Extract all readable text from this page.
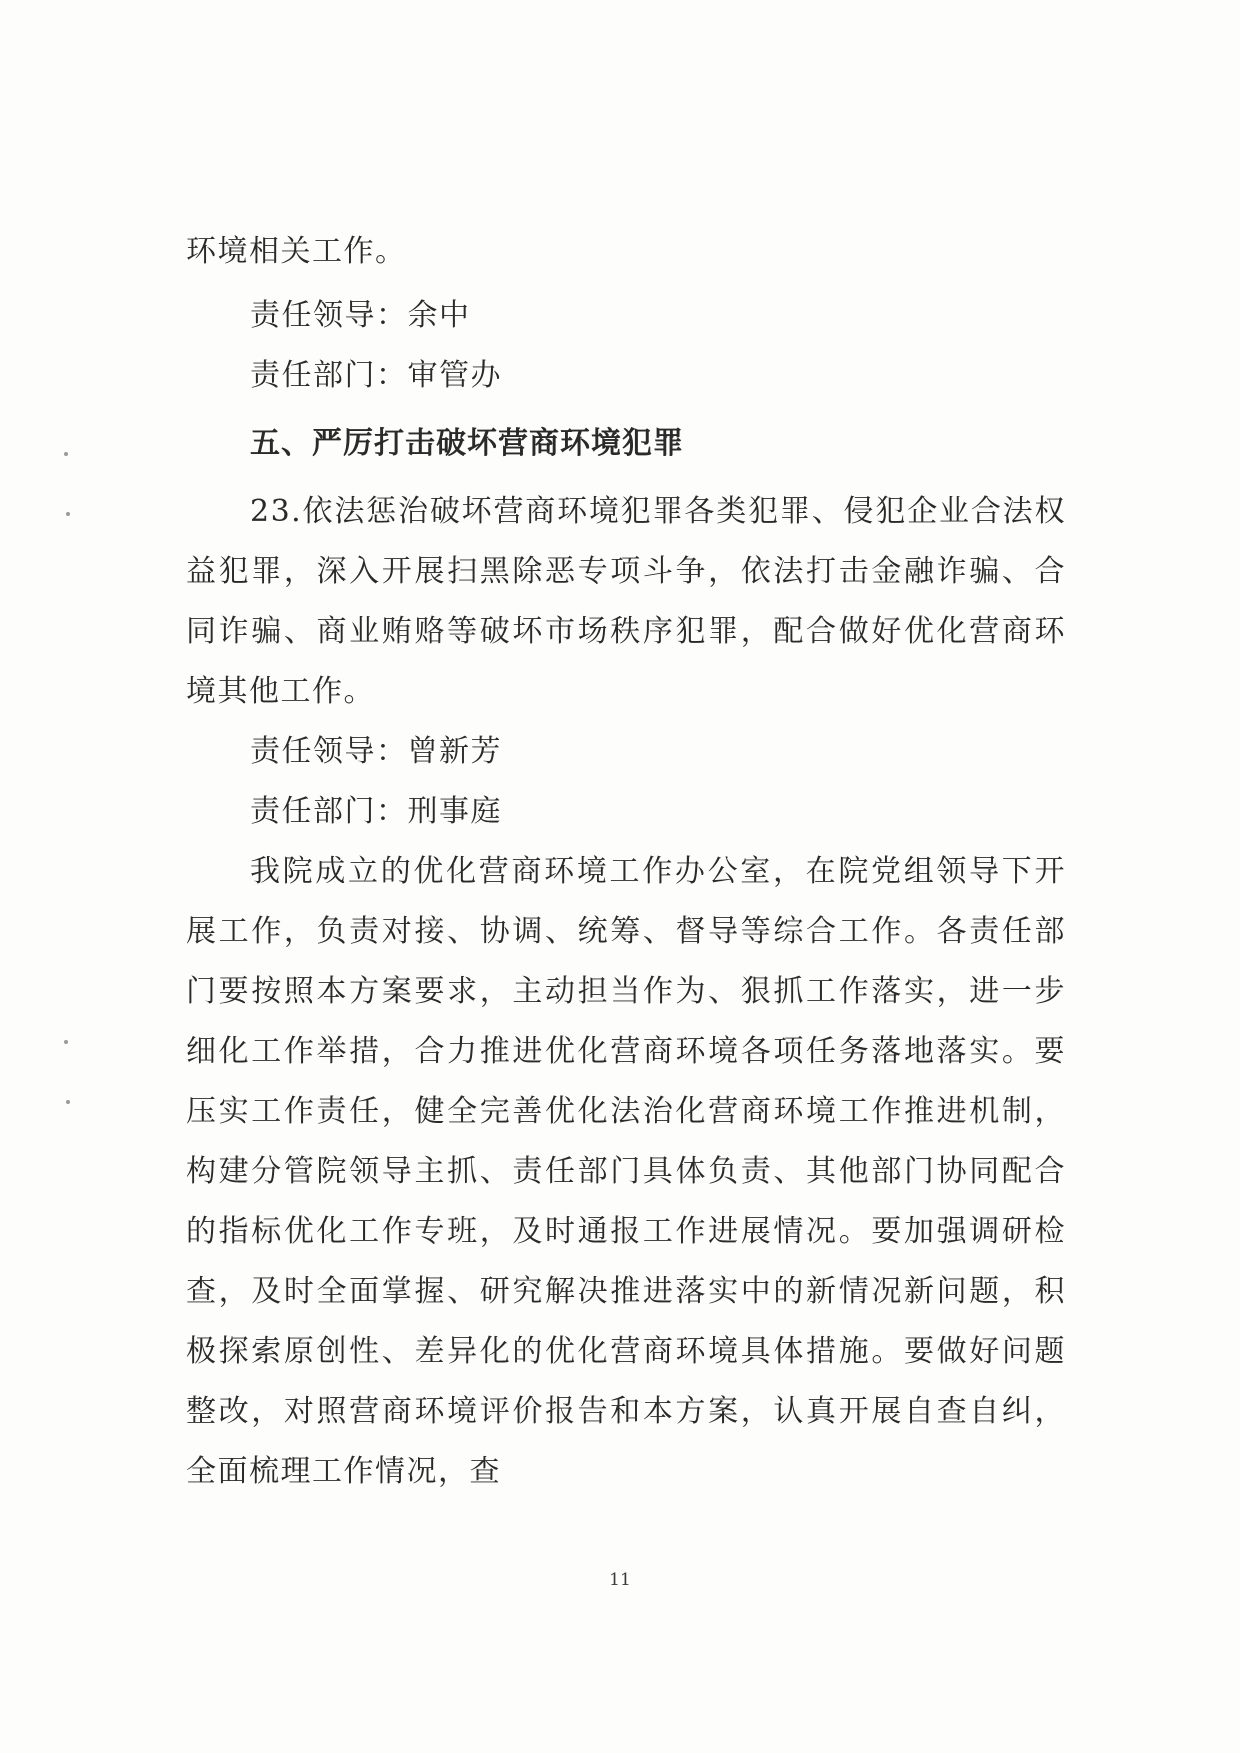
环境相关工作。

责任领导：余中

责任部门：审管办

五、严厉打击破坏营商环境犯罪

23.依法惩治破坏营商环境犯罪各类犯罪、侵犯企业合法权益犯罪，深入开展扫黑除恶专项斗争，依法打击金融诈骗、合同诈骗、商业贿赂等破坏市场秩序犯罪，配合做好优化营商环境其他工作。

责任领导：曾新芳

责任部门：刑事庭

我院成立的优化营商环境工作办公室，在院党组领导下开展工作，负责对接、协调、统筹、督导等综合工作。各责任部门要按照本方案要求，主动担当作为、狠抓工作落实，进一步细化工作举措，合力推进优化营商环境各项任务落地落实。要压实工作责任，健全完善优化法治化营商环境工作推进机制，构建分管院领导主抓、责任部门具体负责、其他部门协同配合的指标优化工作专班，及时通报工作进展情况。要加强调研检查，及时全面掌握、研究解决推进落实中的新情况新问题，积极探索原创性、差异化的优化营商环境具体措施。要做好问题整改，对照营商环境评价报告和本方案，认真开展自查自纠，全面梳理工作情况，查

11
